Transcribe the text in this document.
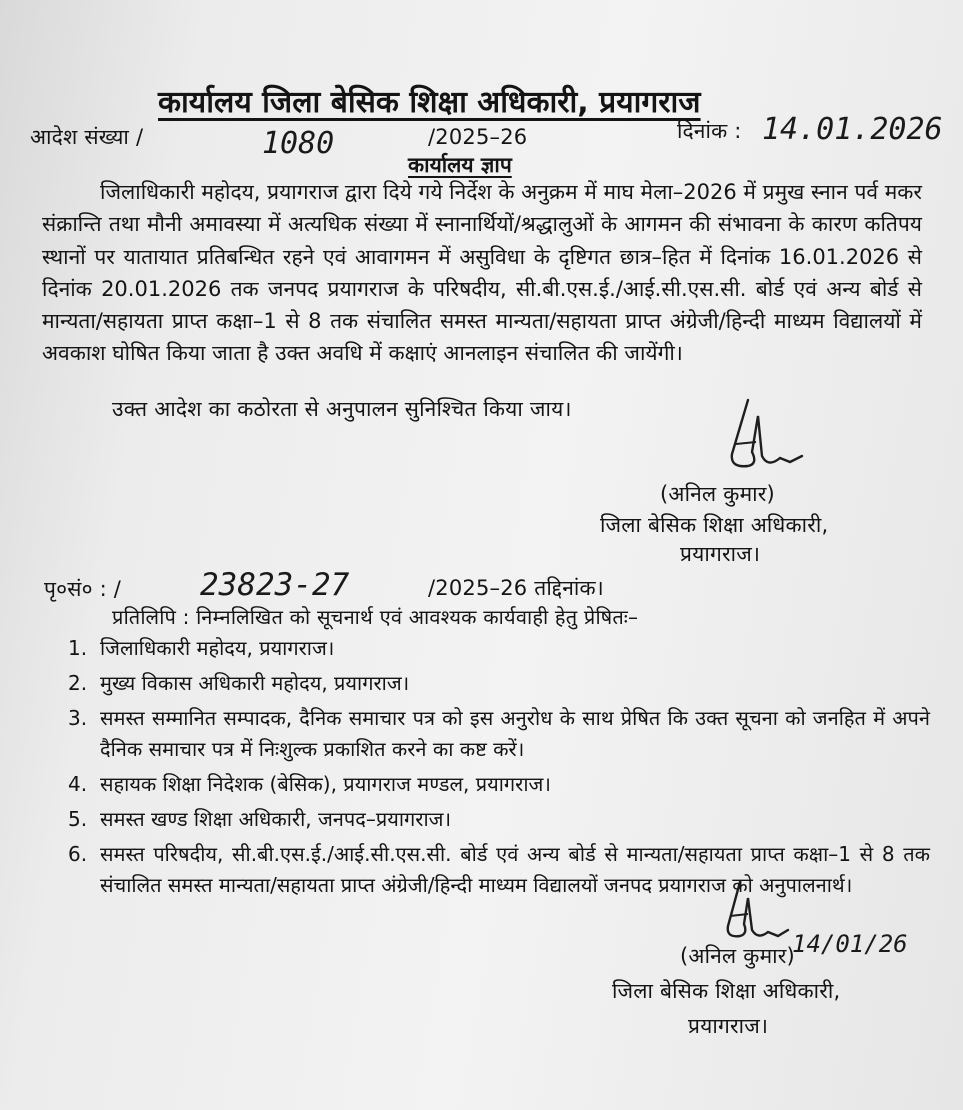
कार्यालय जिला बेसिक शिक्षा अधिकारी, प्रयागराज
आदेश संख्या /	1080	/2025–26	दिनांक : 14.01.2026
कार्यालय ज्ञाप
जिलाधिकारी महोदय, प्रयागराज द्वारा दिये गये निर्देश के अनुक्रम में माघ मेला–2026 में प्रमुख स्नान पर्व मकर संक्रान्ति तथा मौनी अमावस्या में अत्यधिक संख्या में स्नानार्थियों/श्रद्धालुओं के आगमन की संभावना के कारण कतिपय स्थानों पर यातायात प्रतिबन्धित रहने एवं आवागमन में असुविधा के दृष्टिगत छात्र–हित में दिनांक 16.01.2026 से दिनांक 20.01.2026 तक जनपद प्रयागराज के परिषदीय, सी.बी.एस.ई./आई.सी.एस.सी. बोर्ड एवं अन्य बोर्ड से मान्यता/सहायता प्राप्त कक्षा–1 से 8 तक संचालित समस्त मान्यता/सहायता प्राप्त अंग्रेजी/हिन्दी माध्यम विद्यालयों में अवकाश घोषित किया जाता है उक्त अवधि में कक्षाएं आनलाइन संचालित की जायेंगी।
उक्त आदेश का कठोरता से अनुपालन सुनिश्चित किया जाय।
(अनिल कुमार)
जिला बेसिक शिक्षा अधिकारी,
प्रयागराज।
पृ०सं० : /	23823-27	/2025–26 तद्दिनांक।
प्रतिलिपि : निम्नलिखित को सूचनार्थ एवं आवश्यक कार्यवाही हेतु प्रेषितः–
1. जिलाधिकारी महोदय, प्रयागराज।
2. मुख्य विकास अधिकारी महोदय, प्रयागराज।
3. समस्त सम्मानित सम्पादक, दैनिक समाचार पत्र को इस अनुरोध के साथ प्रेषित कि उक्त सूचना को जनहित में अपने दैनिक समाचार पत्र में निःशुल्क प्रकाशित करने का कष्ट करें।
4. सहायक शिक्षा निदेशक (बेसिक), प्रयागराज मण्डल, प्रयागराज।
5. समस्त खण्ड शिक्षा अधिकारी, जनपद–प्रयागराज।
6. समस्त परिषदीय, सी.बी.एस.ई./आई.सी.एस.सी. बोर्ड एवं अन्य बोर्ड से मान्यता/सहायता प्राप्त कक्षा–1 से 8 तक संचालित समस्त मान्यता/सहायता प्राप्त अंग्रेजी/हिन्दी माध्यम विद्यालयों जनपद प्रयागराज को अनुपालनार्थ।
(अनिल कुमार)
14/01/26
जिला बेसिक शिक्षा अधिकारी,
प्रयागराज।
